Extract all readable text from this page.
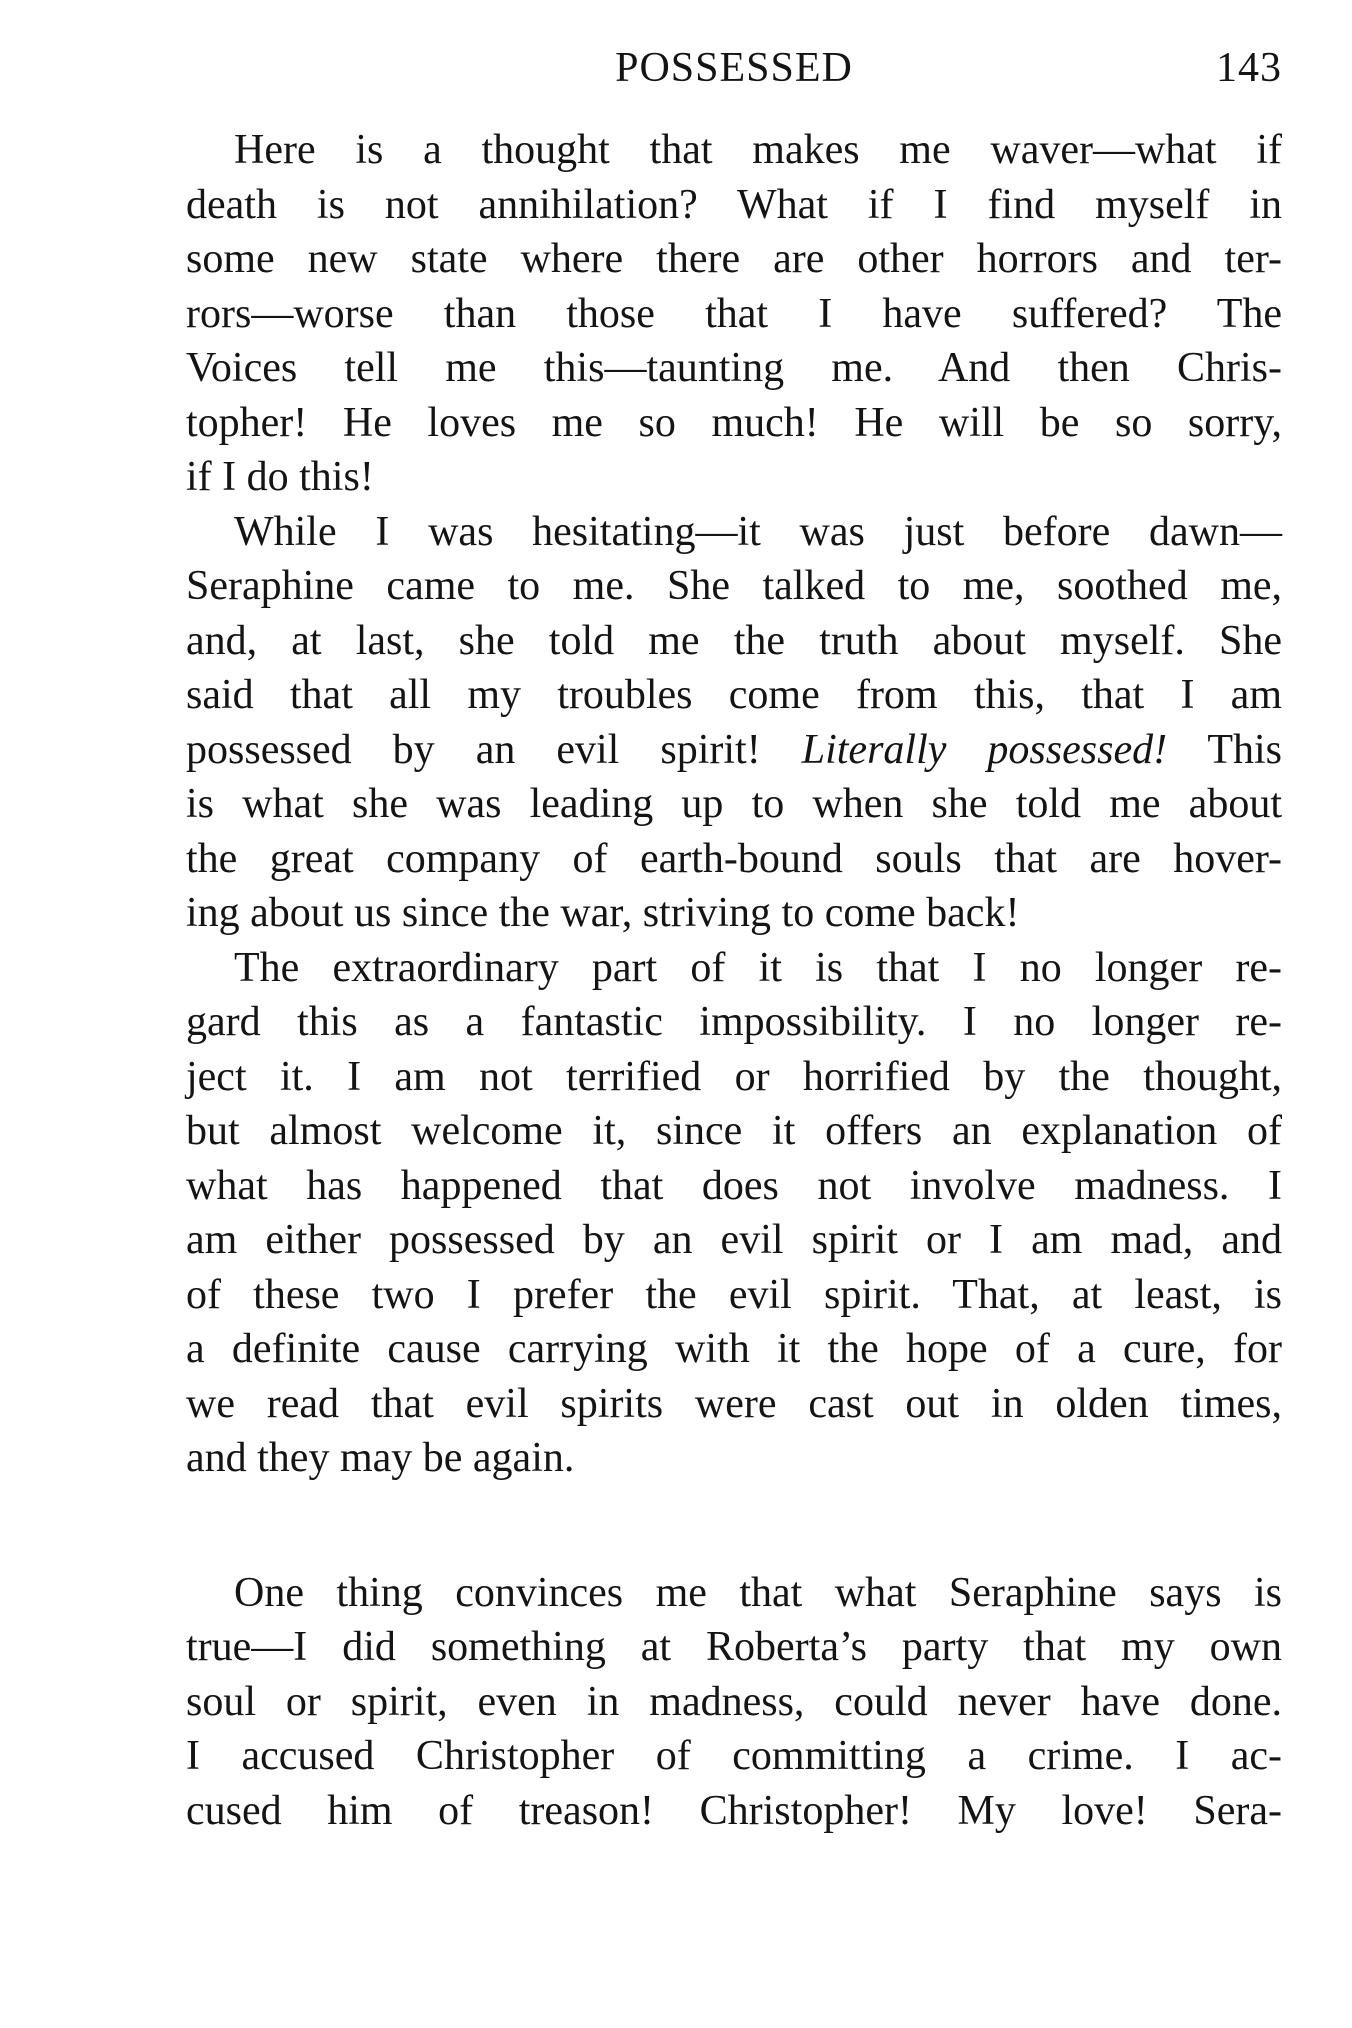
POSSESSED	143
Here is a thought that makes me waver—what if
death is not annihilation? What if I find myself in
some new state where there are other horrors and ter-
rors—worse than those that I have suffered? The
Voices tell me this—taunting me. And then Chris-
topher! He loves me so much! He will be so sorry,
if I do this!
While I was hesitating—it was just before dawn—
Seraphine came to me. She talked to me, soothed me,
and, at last, she told me the truth about myself. She
said that all my troubles come from this, that I am
possessed by an evil spirit! Literally possessed! This
is what she was leading up to when she told me about
the great company of earth-bound souls that are hover-
ing about us since the war, striving to come back!
The extraordinary part of it is that I no longer re-
gard this as a fantastic impossibility. I no longer re-
ject it. I am not terrified or horrified by the thought,
but almost welcome it, since it offers an explanation of
what has happened that does not involve madness. I
am either possessed by an evil spirit or I am mad, and
of these two I prefer the evil spirit. That, at least, is
a definite cause carrying with it the hope of a cure, for
we read that evil spirits were cast out in olden times,
and they may be again.
One thing convinces me that what Seraphine says is
true—I did something at Roberta’s party that my own
soul or spirit, even in madness, could never have done.
I accused Christopher of committing a crime. I ac-
cused him of treason! Christopher! My love! Sera-
